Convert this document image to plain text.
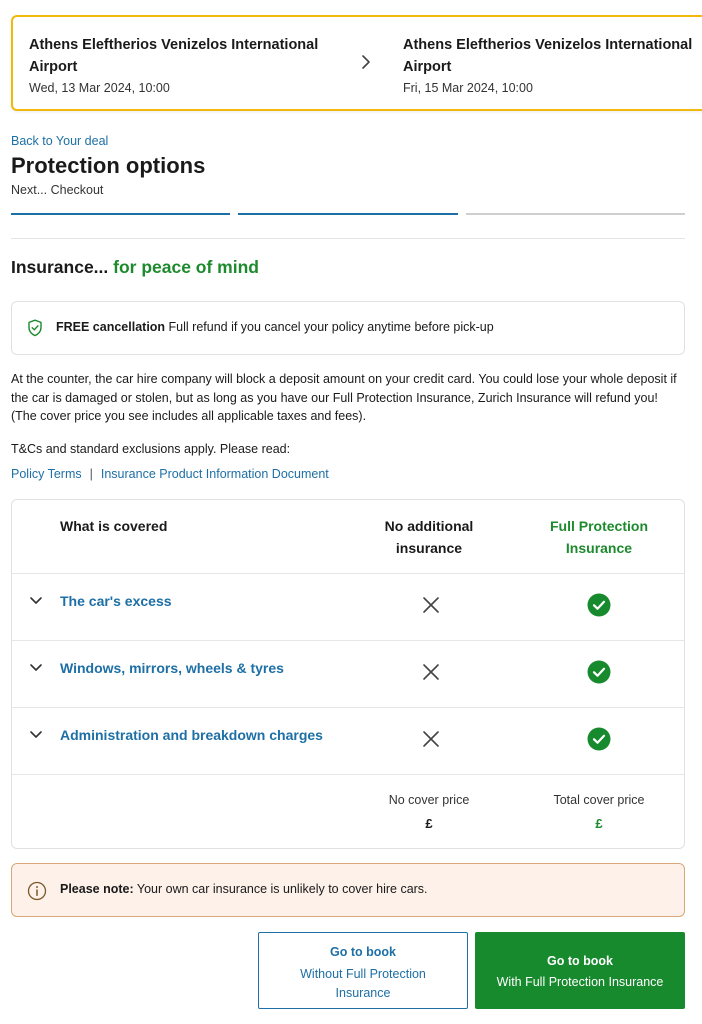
Athens Eleftherios Venizelos International Airport
Wed, 13 Mar 2024, 10:00
Athens Eleftherios Venizelos International Airport
Fri, 15 Mar 2024, 10:00
Back to Your deal
Protection options
Next... Checkout
Insurance... for peace of mind
FREE cancellation Full refund if you cancel your policy anytime before pick-up
At the counter, the car hire company will block a deposit amount on your credit card. You could lose your whole deposit if the car is damaged or stolen, but as long as you have our Full Protection Insurance, Zurich Insurance will refund you! (The cover price you see includes all applicable taxes and fees).
T&Cs and standard exclusions apply. Please read:
Policy Terms | Insurance Product Information Document
What is covered	No additional insurance
Full Protection Insurance
The car's excess
Windows, mirrors, wheels & tyres
Administration and breakdown charges
No cover price
£
Total cover price
£
Please note: Your own car insurance is unlikely to cover hire cars.
Go to book
Without Full Protection Insurance
Go to book
With Full Protection Insurance
